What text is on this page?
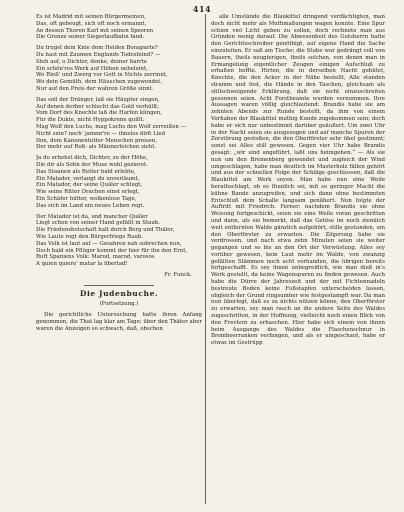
414
Es ist Madrid mit seinen Bürgermeinen,
Das, oft gebeugt, sich oft noch ermannt,
An dessen Thoren Karl mit seinen Speeren
Die Grenze seiner Siegerlaufbahn fand.
Du trugst dein Knie dem Helden Bonaparte?
Du hast mit Zaumen Englands Todesfeind? —
Steh auf, o Dichter, denke, deiner harrte
Ein schön'res Werk auf Höhen nebeleint,
Wo Rieß' und Zwerg vor Gott in Nichts zerrinnt,
Wo dein Gemüth, dem Häuschen zugewendet,
Nur auf den Preis der wahren Größe sinnt.
Das soll der Dränger, laß sie Häupter singen,
Auf denen derber schlecht das Gold verhüllt;
Vom Dorf des Knechte laß die Harfen klingen,
Für die Dukte, nicht Hyppokrene quillt.
Mag Wolf den Luchs, mag Luchs den Wolf zerreißen —
Nicht sein? noch' jammr're — ihnelos dirß Lied
Ihm, dem Kanonentutter Menschen preisen,
Der mehr auf Roß- als Männerleichen sieht.
Ja du erhebst dich, Dichter, zu der Höhe,
Die dir als Sohn der Muse wohl gezieret.
Das Staunen als Retter bald erlebte,
Ein Matador, verlangt du unverläumt,
Ein Matador, der seine Quäler schlugt,
Wie seine Ritter Drachen einst erlegt,
Ein Schäfer hütter, wolkenlose Tage,
Das sich im Land ein neues Leben regt.
Der Matador ist da, und mancher Quäler
Liegt schon von seiner Hand gefällt in Staub.
Die Friedensbotschaft halt durch Berg und Thäler,
Wie Laute regt den Bürgerfriegs Raub.
Das Volk ist laut auf — Gesahren nah sobrechen nun,
Doch bald ein Pflüger kommt der hier für ihn den Ernt,
Ruft Spaniens Volk: Marod, marod, varosos
A quien quiere' matar la libertad!
Fr. Funck.
Die Judenbuche.
(Fortsetzung.)
Die gerichtliche Untersuchung hatte ihren Anfang genommen, die That lag klar am Tage; über den Thäter aber waren die Anzeigen so schwach, daß, obschon
alle Umstände die Blaukittel dringend verdächtigten, man doch nicht mehr als Muthmaßungen wagen konnte. Eine Spur schien viel Licht geben zu sollen, doch rechnete man aus Gründen wenig darauf. Die Abwesenheit des Gutsherrn hatte den Gerichtsschreiber genöthigt, auf eigene Hand die Sache einzuleiten. Er saß am Tische; die Stube war gedrängt voll von Bauern, theils neugierigen, theils solchen, von denen man in Ermangelung eigentlicher Zeugen einigen Aufschluß zu erhalten hoffte. Hirten, die in derselben Nacht gehütet, Knechte, die den Acker in der Nähe bestellt, Alle standen stramm und fest, die Hände in den Taschen, gleichsam als stillschweigende Erklärung, daß sie nicht einzuschreiten gesonnen seien. Acht Forstbeamte wurden vernommen. Ihre Aussagen waren völlig gleichlautend: Brandis habe sie am zehnten Abends zur Runde bestellt, da ihm von einem Vorhaben der Blaukittel muthig Kunde zugekommen sein; doch habe er sich nur unbestimmt darüber geäußert. Um zwei Uhr in der Nacht seien sie ausgezogen und auf manche Spuren der Zerstörung gestoßen, die den Oberförster sehr übel gestimmt; sonst sei Alles still gewesen. Gegen vier Uhr habe Brandis gesagt: „wir sind angeführt, laßt uns heimgehen.“ — Als sie nun um den Bremenberg gewendet und zugleich der Wind umgeschlagen, habe man deutlich im Masterholz fällen gehört und aus der schnellen Folge der Schläge geschlossen, daß die Blaukittel am Werk seyen. Man habe nun eine Weile berathschlagt, ob es thunlich sei, mit so geringer Macht die kühne Bande anzugreifen, und sich dann ohne bestimmten Entschluß dem Schalle langsam genähert. Nun folgte der Auftritt mit Friedrich. Ferner: nachdem Brandis sie ohne Weisung fortgeschickt, seien sie eine Weile voran geschritten und dann, als sie bemerkt, daß das Getöse im noch ziemlich weit entfernten Walde gänzlich aufgehört, stille gestanden, um den Oberförster zu erwarten. Die Zögerung habe sie verdrossen, und nach etwa zehn Minuten seien sie weiter gegangen und so bis an den Ort der Verwüstung. Alles sey vorüber gewesen, kein Laut mehr im Walde, von zwanzig gefällten Stämmen noch acht vorhanden, die übrigen bereits fortgeschafft. Es sey ihnen unbegreiflich, wie man dieß in's Werk gestellt, da keine Wagenspuren zu finden gewesen. Auch habe die Dürre der Jahreszeit und der mit Fichtennadeln bestreute Boden keine Fußstapfen unterscheiden lassen, obgleich der Grund ringsumher wie festgestampft war. Da man nun überlegt, daß es zu nichts nützen könne, den Oberförster zu erwarten, sey man rasch an die andere Seite des Waldes zugeschritten, in der Hoffnung, vielleicht noch einen Blick von den Frevlern zu erhaschen. Hier habe sich einem von ihnen beim Ausgange des Waldes die Flaschenschnur in Brombeerranken verfangen, und als er umgeschaut, habe er etwas im Gestrüpp
